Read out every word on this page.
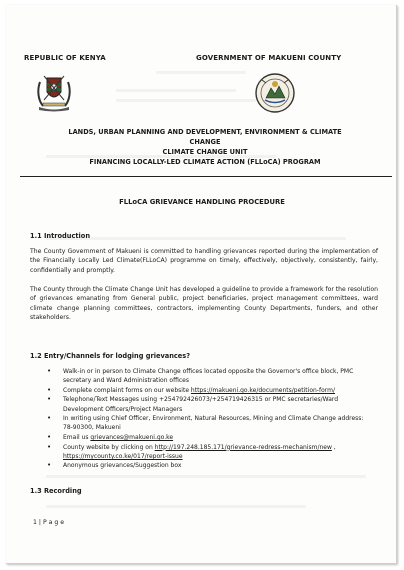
REPUBLIC OF KENYA	GOVERNMENT OF MAKUENI COUNTY
LANDS, URBAN PLANNING AND DEVELOPMENT, ENVIRONMENT & CLIMATE
CHANGE
CLIMATE CHANGE UNIT
FINANCING LOCALLY-LED CLIMATE ACTION (FLLoCA) PROGRAM
FLLoCA GRIEVANCE HANDLING PROCEDURE
1.1 Introduction
The County Government of Makueni is committed to handling grievances reported during the implementation of the Financially Locally Led Climate(FLLoCA) programme on timely, effectively, objectively, consistently, fairly, confidentially and promptly.
The County through the Climate Change Unit has developed a guideline to provide a framework for the resolution of grievances emanating from General public, project beneficiaries, project management committees, ward climate change planning committees, contractors, implementing County Departments, funders, and other stakeholders.
1.2 Entry/Channels for lodging grievances?
• Walk-in or in person to Climate Change offices located opposite the Governor's office block, PMC secretary and Ward Administration offices
• Complete complaint forms on our website https://makueni.go.ke/documents/petition-form/
• Telephone/Text Messages using +254792426073/+254719426315 or PMC secretaries/Ward Development Officers/Project Managers
• In writing using Chief Officer, Environment, Natural Resources, Mining and Climate Change address: 78-90300, Makueni
• Email us grievances@makueni.go.ke
• County website by clicking on http://197.248.185.171/grievance-redress-mechanism/new , https://mycounty.co.ke/017/report-issue
• Anonymous grievances/Suggestion box
1.3 Recording
1 | P a g e
